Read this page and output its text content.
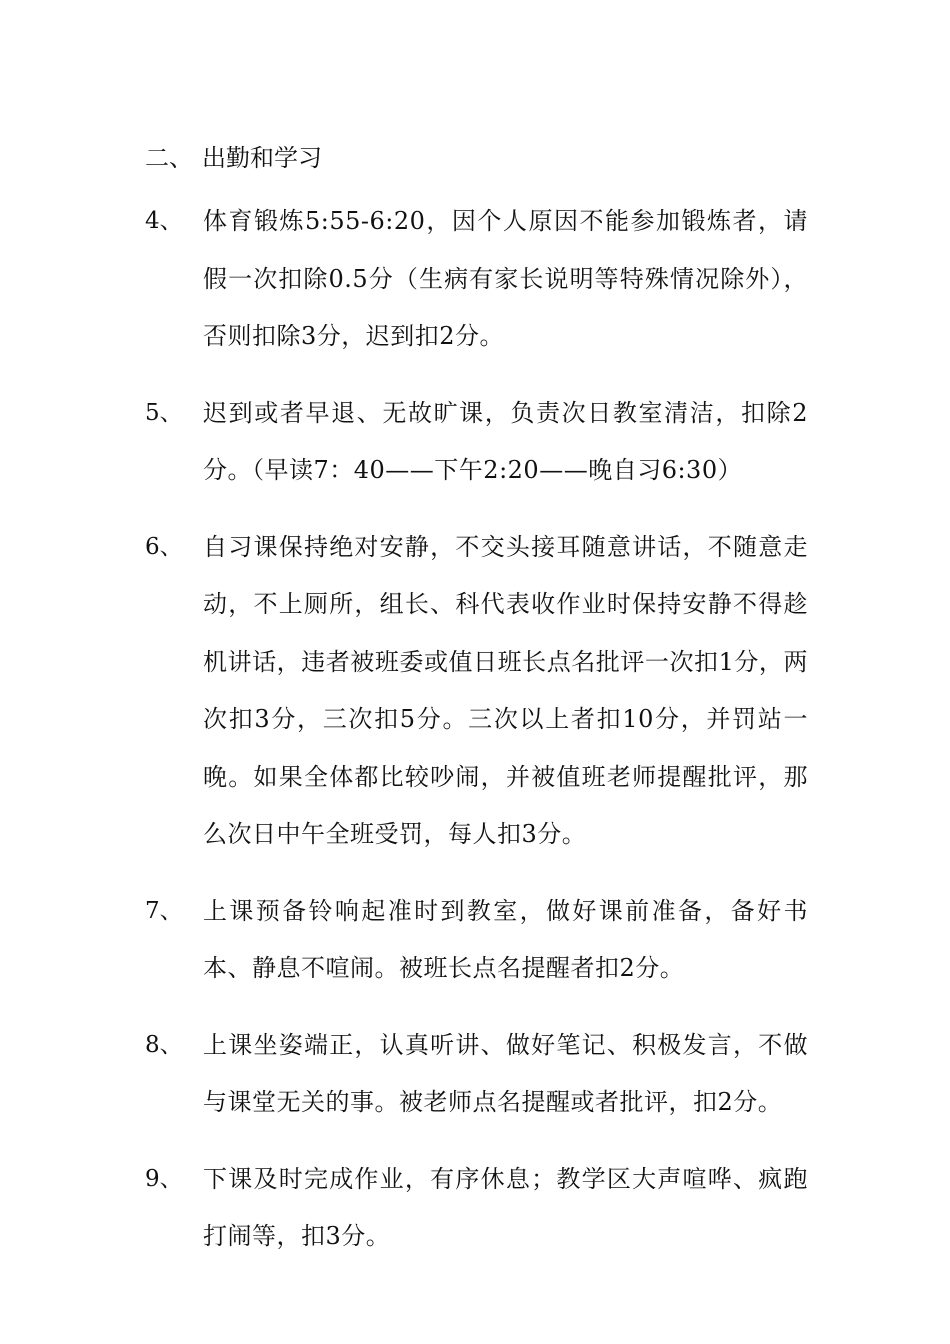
二、 出勤和学习
4、 体育锻炼5:55-6:20，因个人原因不能参加锻炼者，请假一次扣除0.5分（生病有家长说明等特殊情况除外），否则扣除3分，迟到扣2分。
5、 迟到或者早退、无故旷课，负责次日教室清洁，扣除2分。（早读7：40——下午2:20——晚自习6:30）
6、 自习课保持绝对安静，不交头接耳随意讲话，不随意走动，不上厕所，组长、科代表收作业时保持安静不得趁机讲话，违者被班委或值日班长点名批评一次扣1分，两次扣3分，三次扣5分。三次以上者扣10分，并罚站一晚。如果全体都比较吵闹，并被值班老师提醒批评，那么次日中午全班受罚，每人扣3分。
7、 上课预备铃响起准时到教室，做好课前准备，备好书本、静息不喧闹。被班长点名提醒者扣2分。
8、 上课坐姿端正，认真听讲、做好笔记、积极发言，不做与课堂无关的事。被老师点名提醒或者批评，扣2分。
9、 下课及时完成作业，有序休息；教学区大声喧哗、疯跑打闹等，扣3分。
